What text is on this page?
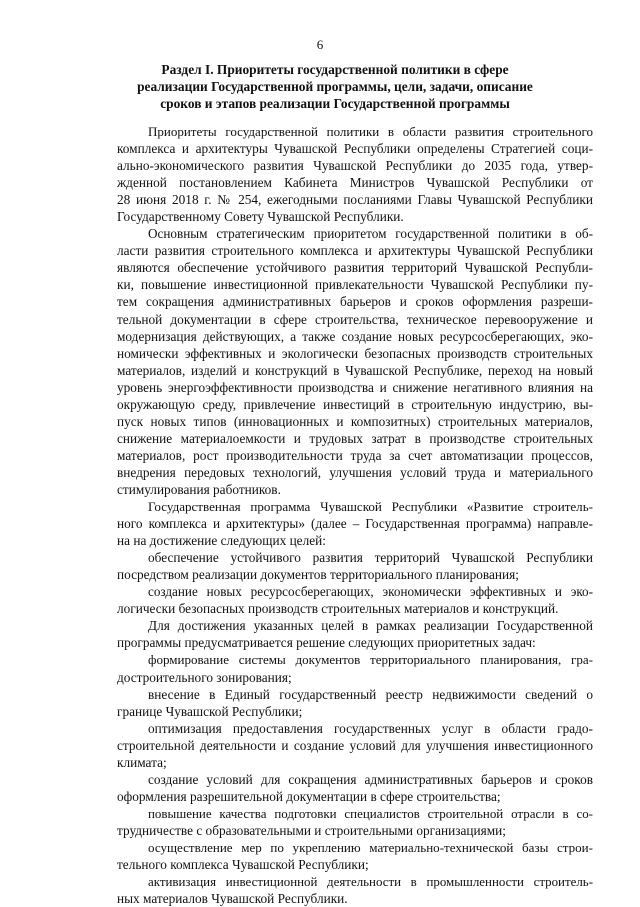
6
Раздел I. Приоритеты государственной политики в сфере
реализации Государственной программы, цели, задачи, описание
сроков и этапов реализации Государственной программы

Приоритеты государственной политики в области развития строительного
комплекса и архитектуры Чувашской Республики определены Стратегией соци-
ально-экономического развития Чувашской Республики до 2035 года, утвер-
жденной постановлением Кабинета Министров Чувашской Республики от
28 июня 2018 г. № 254, ежегодными посланиями Главы Чувашской Республики
Государственному Совету Чувашской Республики.

Основным стратегическим приоритетом государственной политики в об-
ласти развития строительного комплекса и архитектуры Чувашской Республики
являются обеспечение устойчивого развития территорий Чувашской Республи-
ки, повышение инвестиционной привлекательности Чувашской Республики пу-
тем сокращения административных барьеров и сроков оформления разреши-
тельной документации в сфере строительства, техническое перевооружение и
модернизация действующих, а также создание новых ресурсосберегающих, эко-
номически эффективных и экологически безопасных производств строительных
материалов, изделий и конструкций в Чувашской Республике, переход на новый
уровень энергоэффективности производства и снижение негативного влияния на
окружающую среду, привлечение инвестиций в строительную индустрию, вы-
пуск новых типов (инновационных и композитных) строительных материалов,
снижение материалоемкости и трудовых затрат в производстве строительных
материалов, рост производительности труда за счет автоматизации процессов,
внедрения передовых технологий, улучшения условий труда и материального
стимулирования работников.

Государственная программа Чувашской Республики «Развитие строитель-
ного комплекса и архитектуры» (далее – Государственная программа) направле-
на на достижение следующих целей:

обеспечение устойчивого развития территорий Чувашской Республики
посредством реализации документов территориального планирования;

создание новых ресурсосберегающих, экономически эффективных и эко-
логически безопасных производств строительных материалов и конструкций.

Для достижения указанных целей в рамках реализации Государственной
программы предусматривается решение следующих приоритетных задач:

формирование системы документов территориального планирования, гра-
достроительного зонирования;

внесение в Единый государственный реестр недвижимости сведений о
границе Чувашской Республики;

оптимизация предоставления государственных услуг в области градо-
строительной деятельности и создание условий для улучшения инвестиционного
климата;

создание условий для сокращения административных барьеров и сроков
оформления разрешительной документации в сфере строительства;

повышение качества подготовки специалистов строительной отрасли в со-
трудничестве с образовательными и строительными организациями;

осуществление мер по укреплению материально-технической базы строи-
тельного комплекса Чувашской Республики;

активизация инвестиционной деятельности в промышленности строитель-
ных материалов Чувашской Республики.
